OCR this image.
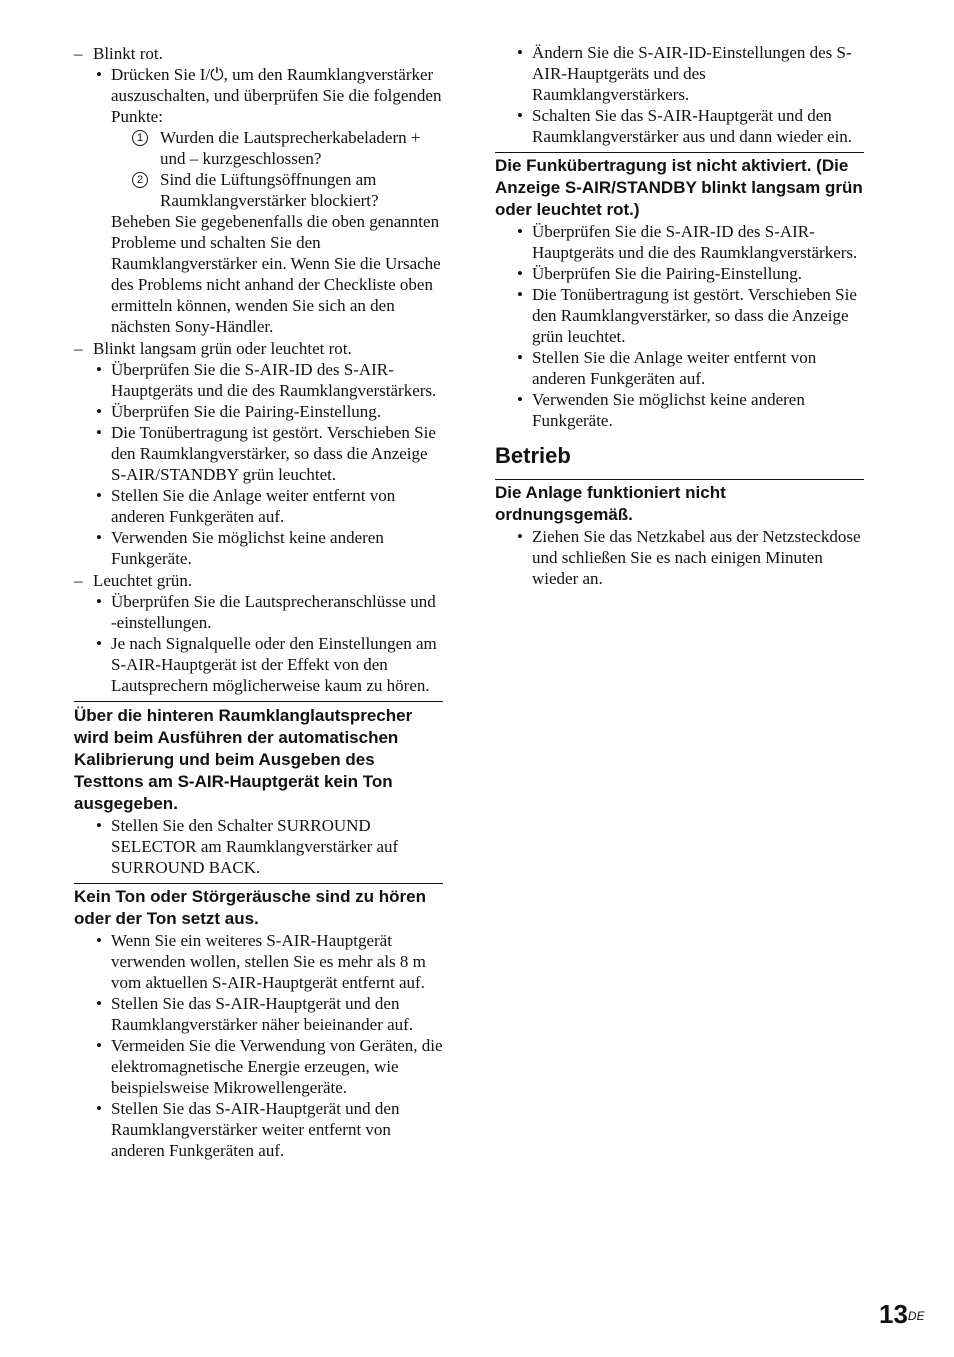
– Blinkt rot.
• Drücken Sie I/⏻, um den Raumklangverstärker auszuschalten, und überprüfen Sie die folgenden Punkte:
1 Wurden die Lautsprecherkabeladern + und – kurzgeschlossen?
2 Sind die Lüftungsöffnungen am Raumklangverstärker blockiert?
Beheben Sie gegebenenfalls die oben genannten Probleme und schalten Sie den Raumklangverstärker ein. Wenn Sie die Ursache des Problems nicht anhand der Checkliste oben ermitteln können, wenden Sie sich an den nächsten Sony-Händler.
– Blinkt langsam grün oder leuchtet rot.
• Überprüfen Sie die S-AIR-ID des S-AIR-Hauptgeräts und die des Raumklangverstärkers.
• Überprüfen Sie die Pairing-Einstellung.
• Die Tonübertragung ist gestört. Verschieben Sie den Raumklangverstärker, so dass die Anzeige S-AIR/STANDBY grün leuchtet.
• Stellen Sie die Anlage weiter entfernt von anderen Funkgeräten auf.
• Verwenden Sie möglichst keine anderen Funkgeräte.
– Leuchtet grün.
• Überprüfen Sie die Lautsprecheranschlüsse und -einstellungen.
• Je nach Signalquelle oder den Einstellungen am S-AIR-Hauptgerät ist der Effekt von den Lautsprechern möglicherweise kaum zu hören.
Über die hinteren Raumklanglautsprecher wird beim Ausführen der automatischen Kalibrierung und beim Ausgeben des Testtons am S-AIR-Hauptgerät kein Ton ausgegeben.
• Stellen Sie den Schalter SURROUND SELECTOR am Raumklangverstärker auf SURROUND BACK.
Kein Ton oder Störgeräusche sind zu hören oder der Ton setzt aus.
• Wenn Sie ein weiteres S-AIR-Hauptgerät verwenden wollen, stellen Sie es mehr als 8 m vom aktuellen S-AIR-Hauptgerät entfernt auf.
• Stellen Sie das S-AIR-Hauptgerät und den Raumklangverstärker näher beieinander auf.
• Vermeiden Sie die Verwendung von Geräten, die elektromagnetische Energie erzeugen, wie beispielsweise Mikrowellengeräte.
• Stellen Sie das S-AIR-Hauptgerät und den Raumklangverstärker weiter entfernt von anderen Funkgeräten auf.
• Ändern Sie die S-AIR-ID-Einstellungen des S-AIR-Hauptgeräts und des Raumklangverstärkers.
• Schalten Sie das S-AIR-Hauptgerät und den Raumklangverstärker aus und dann wieder ein.
Die Funkübertragung ist nicht aktiviert. (Die Anzeige S-AIR/STANDBY blinkt langsam grün oder leuchtet rot.)
• Überprüfen Sie die S-AIR-ID des S-AIR-Hauptgeräts und die des Raumklangverstärkers.
• Überprüfen Sie die Pairing-Einstellung.
• Die Tonübertragung ist gestört. Verschieben Sie den Raumklangverstärker, so dass die Anzeige grün leuchtet.
• Stellen Sie die Anlage weiter entfernt von anderen Funkgeräten auf.
• Verwenden Sie möglichst keine anderen Funkgeräte.
Betrieb
Die Anlage funktioniert nicht ordnungsgemäß.
• Ziehen Sie das Netzkabel aus der Netzsteckdose und schließen Sie es nach einigen Minuten wieder an.
13DE
